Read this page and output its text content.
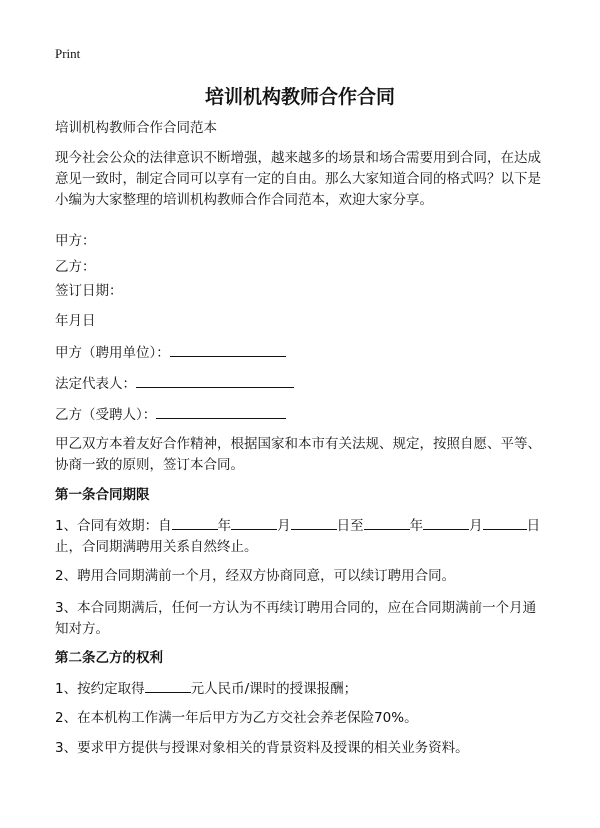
Print
培训机构教师合作合同
培训机构教师合作合同范本
现今社会公众的法律意识不断增强，越来越多的场景和场合需要用到合同，在达成意见一致时，制定合同可以享有一定的自由。那么大家知道合同的格式吗？以下是小编为大家整理的培训机构教师合作合同范本，欢迎大家分享。
甲方：
乙方：
签订日期：
年月日
甲方（聘用单位）：
法定代表人：
乙方（受聘人）：
甲乙双方本着友好合作精神，根据国家和本市有关法规、规定，按照自愿、平等、协商一致的原则，签订本合同。
第一条合同期限
1、合同有效期：自	年	月	日至	年	月	日止，合同期满聘用关系自然终止。
2、聘用合同期满前一个月，经双方协商同意，可以续订聘用合同。
3、本合同期满后，任何一方认为不再续订聘用合同的，应在合同期满前一个月通知对方。
第二条乙方的权利
1、按约定取得	元人民币/课时的授课报酬；
2、在本机构工作满一年后甲方为乙方交社会养老保险70%。
3、要求甲方提供与授课对象相关的背景资料及授课的相关业务资料。
